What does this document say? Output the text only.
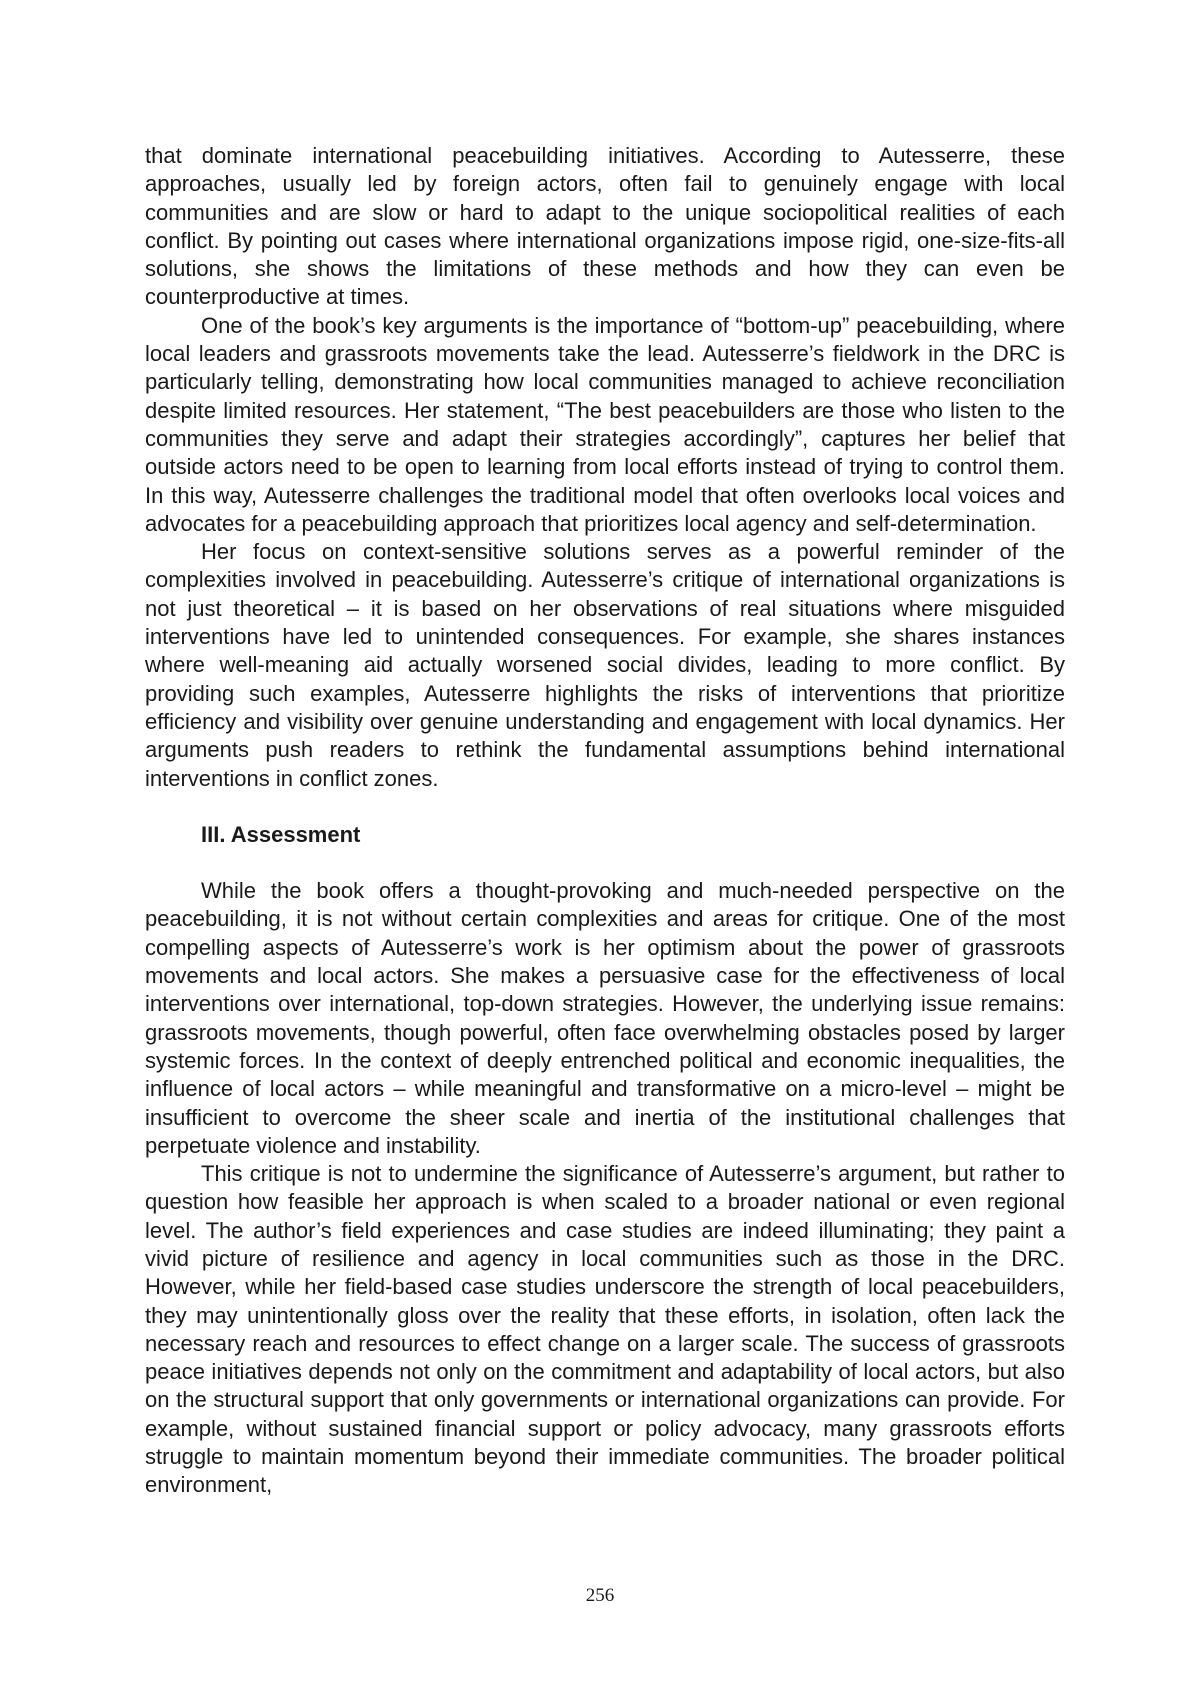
that dominate international peacebuilding initiatives. According to Autesserre, these approaches, usually led by foreign actors, often fail to genuinely engage with local communities and are slow or hard to adapt to the unique sociopolitical realities of each conflict. By pointing out cases where international organizations impose rigid, one-size-fits-all solutions, she shows the limitations of these methods and how they can even be counterproductive at times.

One of the book’s key arguments is the importance of “bottom-up” peacebuilding, where local leaders and grassroots movements take the lead. Autesserre’s fieldwork in the DRC is particularly telling, demonstrating how local communities managed to achieve reconciliation despite limited resources. Her statement, “The best peacebuilders are those who listen to the communities they serve and adapt their strategies accordingly”, captures her belief that outside actors need to be open to learning from local efforts instead of trying to control them. In this way, Autesserre challenges the traditional model that often overlooks local voices and advocates for a peacebuilding approach that prioritizes local agency and self-determination.

Her focus on context-sensitive solutions serves as a powerful reminder of the complexities involved in peacebuilding. Autesserre’s critique of international organizations is not just theoretical – it is based on her observations of real situations where misguided interventions have led to unintended consequences. For example, she shares instances where well-meaning aid actually worsened social divides, leading to more conflict. By providing such examples, Autesserre highlights the risks of interventions that prioritize efficiency and visibility over genuine understanding and engagement with local dynamics. Her arguments push readers to rethink the fundamental assumptions behind international interventions in conflict zones.

III. Assessment

While the book offers a thought-provoking and much-needed perspective on the peacebuilding, it is not without certain complexities and areas for critique. One of the most compelling aspects of Autesserre’s work is her optimism about the power of grassroots movements and local actors. She makes a persuasive case for the effectiveness of local interventions over international, top-down strategies. However, the underlying issue remains: grassroots movements, though powerful, often face overwhelming obstacles posed by larger systemic forces. In the context of deeply entrenched political and economic inequalities, the influence of local actors – while meaningful and transformative on a micro-level – might be insufficient to overcome the sheer scale and inertia of the institutional challenges that perpetuate violence and instability.

This critique is not to undermine the significance of Autesserre’s argument, but rather to question how feasible her approach is when scaled to a broader national or even regional level. The author’s field experiences and case studies are indeed illuminating; they paint a vivid picture of resilience and agency in local communities such as those in the DRC. However, while her field-based case studies underscore the strength of local peacebuilders, they may unintentionally gloss over the reality that these efforts, in isolation, often lack the necessary reach and resources to effect change on a larger scale. The success of grassroots peace initiatives depends not only on the commitment and adaptability of local actors, but also on the structural support that only governments or international organizations can provide. For example, without sustained financial support or policy advocacy, many grassroots efforts struggle to maintain momentum beyond their immediate communities. The broader political environment,

256
